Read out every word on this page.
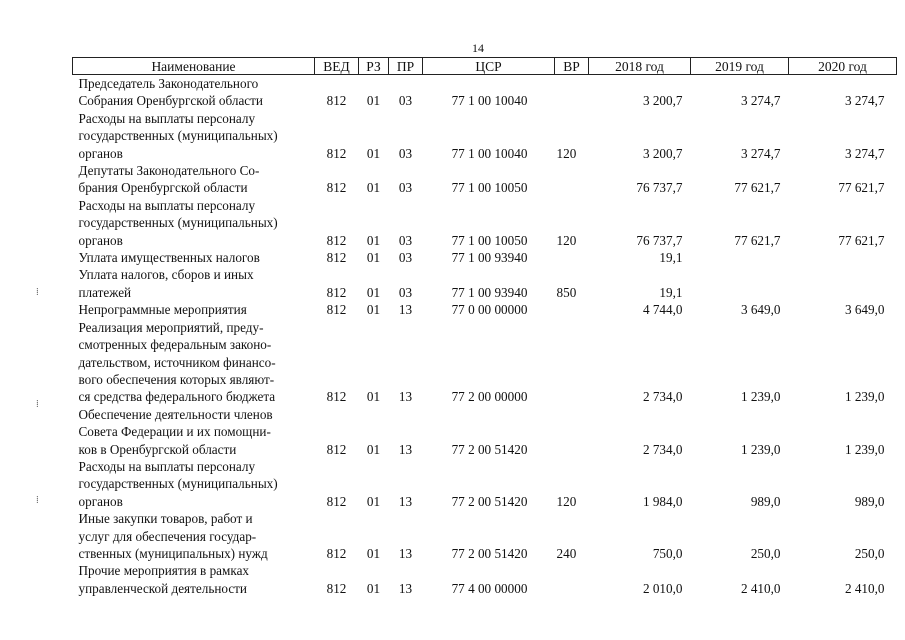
14
Наименование	ВЕД	РЗ	ПР	ЦСР	ВР	2018 год	2019 год	2020 год
Председатель Законодательного
Собрания Оренбургской области	812	01	03	77 1 00 10040		3 200,7	3 274,7	3 274,7
Расходы на выплаты персоналу
государственных (муниципальных)
органов	812	01	03	77 1 00 10040	120	3 200,7	3 274,7	3 274,7
Депутаты Законодательного Со-
брания Оренбургской области	812	01	03	77 1 00 10050		76 737,7	77 621,7	77 621,7
Расходы на выплаты персоналу
государственных (муниципальных)
органов	812	01	03	77 1 00 10050	120	76 737,7	77 621,7	77 621,7
Уплата имущественных налогов	812	01	03	77 1 00 93940		19,1		
Уплата налогов, сборов и иных
платежей	812	01	03	77 1 00 93940	850	19,1		
Непрограммные мероприятия	812	01	13	77 0 00 00000		4 744,0	3 649,0	3 649,0
Реализация мероприятий, преду-
смотренных федеральным законо-
дательством, источником финансо-
вого обеспечения которых являют-
ся средства федерального бюджета	812	01	13	77 2 00 00000		2 734,0	1 239,0	1 239,0
Обеспечение деятельности членов
Совета Федерации и их помощни-
ков в Оренбургской области	812	01	13	77 2 00 51420		2 734,0	1 239,0	1 239,0
Расходы на выплаты персоналу
государственных (муниципальных)
органов	812	01	13	77 2 00 51420	120	1 984,0	989,0	989,0
Иные закупки товаров, работ и
услуг для обеспечения государ-
ственных (муниципальных) нужд	812	01	13	77 2 00 51420	240	750,0	250,0	250,0
Прочие мероприятия в рамках
управленческой деятельности	812	01	13	77 4 00 00000		2 010,0	2 410,0	2 410,0
⁞
⁞
⁞
